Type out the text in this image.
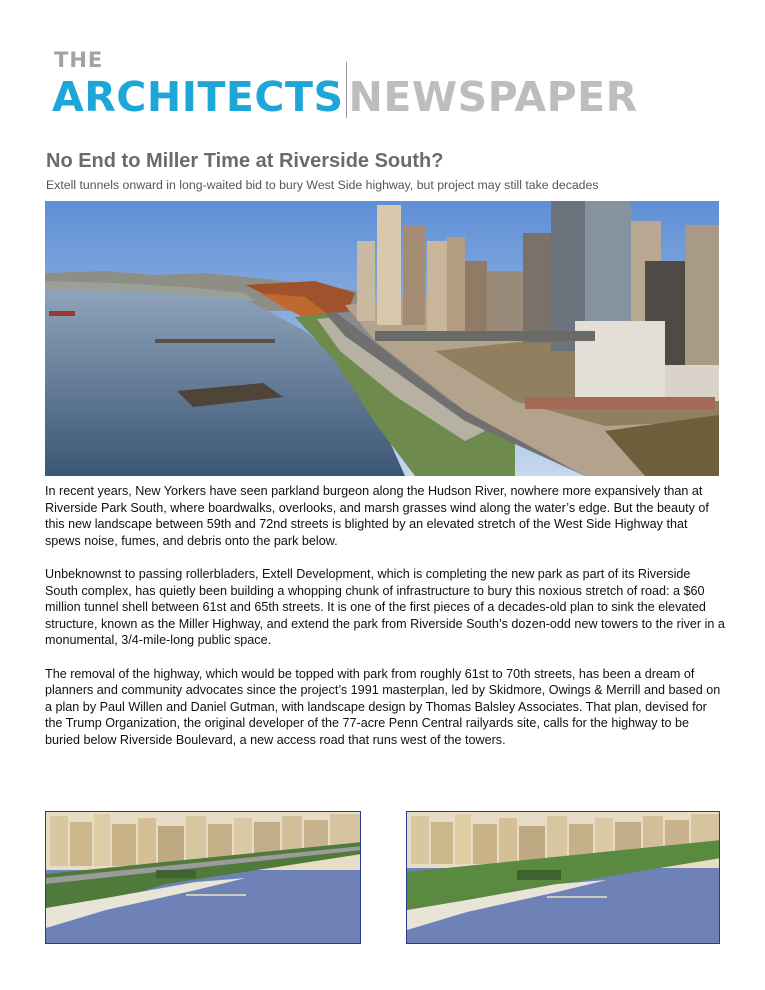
THE
ARCHITECTS NEWSPAPER
No End to Miller Time at Riverside South?

Extell tunnels onward in long-waited bid to bury West Side highway, but project may still take decades

In recent years, New Yorkers have seen parkland burgeon along the Hudson River, nowhere more expansively than at Riverside Park South, where boardwalks, overlooks, and marsh grasses wind along the water’s edge. But the beauty of this new landscape between 59th and 72nd streets is blighted by an elevated stretch of the West Side Highway that spews noise, fumes, and debris onto the park below.

Unbeknownst to passing rollerbladers, Extell Development, which is completing the new park as part of its Riverside South complex, has quietly been building a whopping chunk of infrastructure to bury this noxious stretch of road: a $60 million tunnel shell between 61st and 65th streets. It is one of the first pieces of a decades-old plan to sink the elevated structure, known as the Miller Highway, and extend the park from Riverside South’s dozen-odd new towers to the river in a monumental, 3/4-mile-long public space.

The removal of the highway, which would be topped with park from roughly 61st to 70th streets, has been a dream of planners and community advocates since the project’s 1991 masterplan, led by Skidmore, Owings & Merrill and based on a plan by Paul Willen and Daniel Gutman, with landscape design by Thomas Balsley Associates. That plan, devised for the Trump Organization, the original developer of the 77-acre Penn Central railyards site, calls for the highway to be buried below Riverside Boulevard, a new access road that runs west of the towers.
